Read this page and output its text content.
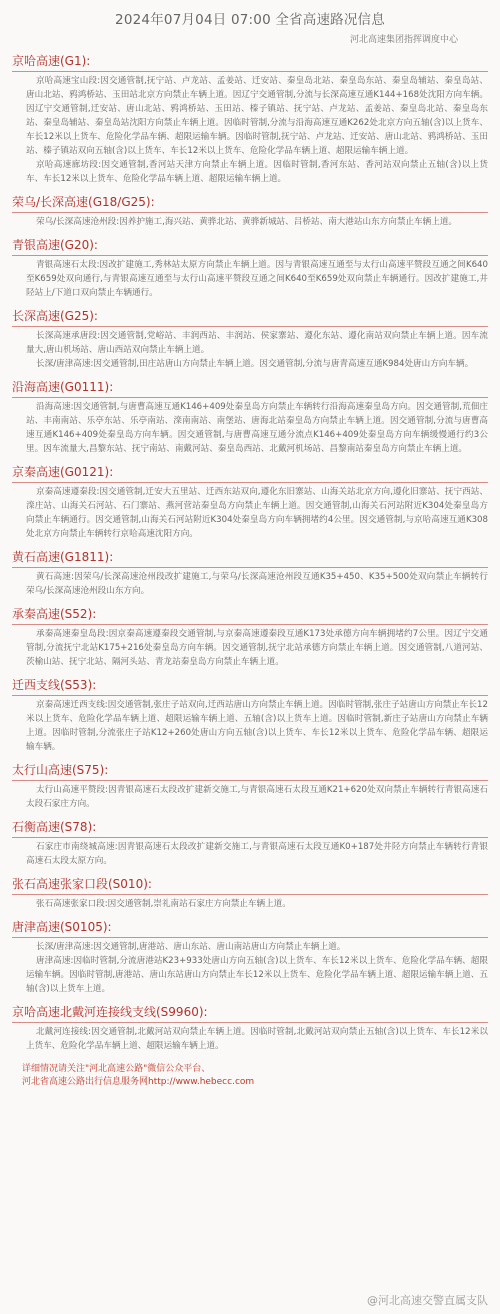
2024年07月04日 07:00 全省高速路况信息
河北高速集团指挥调度中心
京哈高速(G1):

京哈高速宝山段:因交通管制,抚宁站、卢龙站、孟姜站、迁安站、秦皇岛北站、秦皇岛东站、秦皇岛辅站、秦皇岛站、唐山北站、鸦鸿桥站、玉田站北京方向禁止车辆上道。因辽宁交通管制,分流与长深高速互通K144+168处沈阳方向车辆。因辽宁交通管制,迁安站、唐山北站、鸦鸿桥站、玉田站、榛子镇站、抚宁站、卢龙站、孟姜站、秦皇岛北站、秦皇岛东站、秦皇岛辅站、秦皇岛站沈阳方向禁止车辆上道。因临时管制,分流与沿海高速互通K262处北京方向五轴(含)以上货车、车长12米以上货车、危险化学品车辆、超限运输车辆。因临时管制,抚宁站、卢龙站、迁安站、唐山北站、鸦鸿桥站、玉田站、榛子镇站双向五轴(含)以上货车、车长12米以上货车、危险化学品车辆上道、超限运输车辆上道。

京哈高速廊坊段:因交通管制,香河站天津方向禁止车辆上道。因临时管制,香河东站、香河站双向禁止五轴(含)以上货车、车长12米以上货车、危险化学品车辆上道、超限运输车辆上道。

荣乌/长深高速(G18/G25):

荣乌/长深高速沧州段:因养护施工,海兴站、黄骅北站、黄骅新城站、吕桥站、南大港站山东方向禁止车辆上道。

青银高速(G20):

青银高速石太段:因改扩建施工,秀林站太原方向禁止车辆上道。因与青银高速互通至与太行山高速平赞段互通之间K640至K659处双向通行,与青银高速互通至与太行山高速平赞段互通之间K640至K659处双向禁止车辆通行。因改扩建施工,井陉站上/下道口双向禁止车辆通行。

长深高速(G25):

长深高速承唐段:因交通管制,党峪站、丰润西站、丰润站、侯家寨站、遵化东站、遵化南站双向禁止车辆上道。因车流量大,唐山机场站、唐山西站双向禁止车辆上道。

长深/唐津高速:因交通管制,田庄站唐山方向禁止车辆上道。因交通管制,分流与唐青高速互通K984处唐山方向车辆。

沿海高速(G0111):

沿海高速:因交通管制,与唐曹高速互通K146+409处秦皇岛方向禁止车辆转行沿海高速秦皇岛方向。因交通管制,荒佃庄站、丰南南站、乐亭东站、乐亭南站、滦南南站、南堡站、唐海北站秦皇岛方向禁止车辆上道。因交通管制,分流与唐曹高速互通K146+409处秦皇岛方向车辆。因交通管制,与唐曹高速互通分流点K146+409处秦皇岛方向车辆缓慢通行约3公里。因车流量大,昌黎东站、抚宁南站、南戴河站、秦皇岛西站、北戴河机场站、昌黎南站秦皇岛方向禁止车辆上道。

京秦高速(G0121):

京秦高速遵秦段:因交通管制,迁安大五里站、迁西东站双向,遵化东旧寨站、山海关站北京方向,遵化旧寨站、抚宁西站、滦庄站、山海关石河站、石门寨站、燕河营站秦皇岛方向禁止车辆上道。因交通管制,山海关石河站附近K304处秦皇岛方向禁止车辆通行。因交通管制,山海关石河站附近K304处秦皇岛方向车辆拥堵约4公里。因交通管制,与京哈高速互通K308处北京方向禁止车辆转行京哈高速沈阳方向。

黄石高速(G1811):

黄石高速:因荣乌/长深高速沧州段改扩建施工,与荣乌/长深高速沧州段互通K35+450、K35+500处双向禁止车辆转行荣乌/长深高速沧州段山东方向。

承秦高速(S52):

承秦高速秦皇岛段:因京秦高速遵秦段交通管制,与京秦高速遵秦段互通K173处承德方向车辆拥堵约7公里。因辽宁交通管制,分流抚宁北站K175+216处秦皇岛方向车辆。因交通管制,抚宁北站承德方向禁止车辆上道。因交通管制,八道河站、茨榆山站、抚宁北站、隔河头站、青龙站秦皇岛方向禁止车辆上道。

迁西支线(S53):

京秦高速迁西支线:因交通管制,张庄子站双向,迁西站唐山方向禁止车辆上道。因临时管制,张庄子站唐山方向禁止车长12米以上货车、危险化学品车辆上道、超限运输车辆上道、五轴(含)以上货车上道。因临时管制,新庄子站唐山方向禁止车辆上道。因临时管制,分流张庄子站K12+260处唐山方向五轴(含)以上货车、车长12米以上货车、危险化学品车辆、超限运输车辆。

太行山高速(S75):

太行山高速平赞段:因青银高速石太段改扩建新交施工,与青银高速石太段互通K21+620处双向禁止车辆转行青银高速石太段石家庄方向。

石衡高速(S78):

石家庄市南绕城高速:因青银高速石太段改扩建新交施工,与青银高速石太段互通K0+187处井陉方向禁止车辆转行青银高速石太段太原方向。

张石高速张家口段(S010):

张石高速张家口段:因交通管制,崇礼南站石家庄方向禁止车辆上道。

唐津高速(S0105):

长深/唐津高速:因交通管制,唐港站、唐山东站、唐山南站唐山方向禁止车辆上道。

唐津高速:因临时管制,分流唐港站K23+933处唐山方向五轴(含)以上货车、车长12米以上货车、危险化学品车辆、超限运输车辆。因临时管制,唐港站、唐山东站唐山方向禁止车长12米以上货车、危险化学品车辆上道、超限运输车辆上道、五轴(含)以上货车上道。

京哈高速北戴河连接线支线(S9960):

北戴河连接线:因交通管制,北戴河站双向禁止车辆上道。因临时管制,北戴河站双向禁止五轴(含)以上货车、车长12米以上货车、危险化学品车辆上道、超限运输车辆上道。

详细情况请关注"河北高速公路"微信公众平台、
河北省高速公路出行信息服务网http://www.hebecc.com
@河北高速交警直属支队
